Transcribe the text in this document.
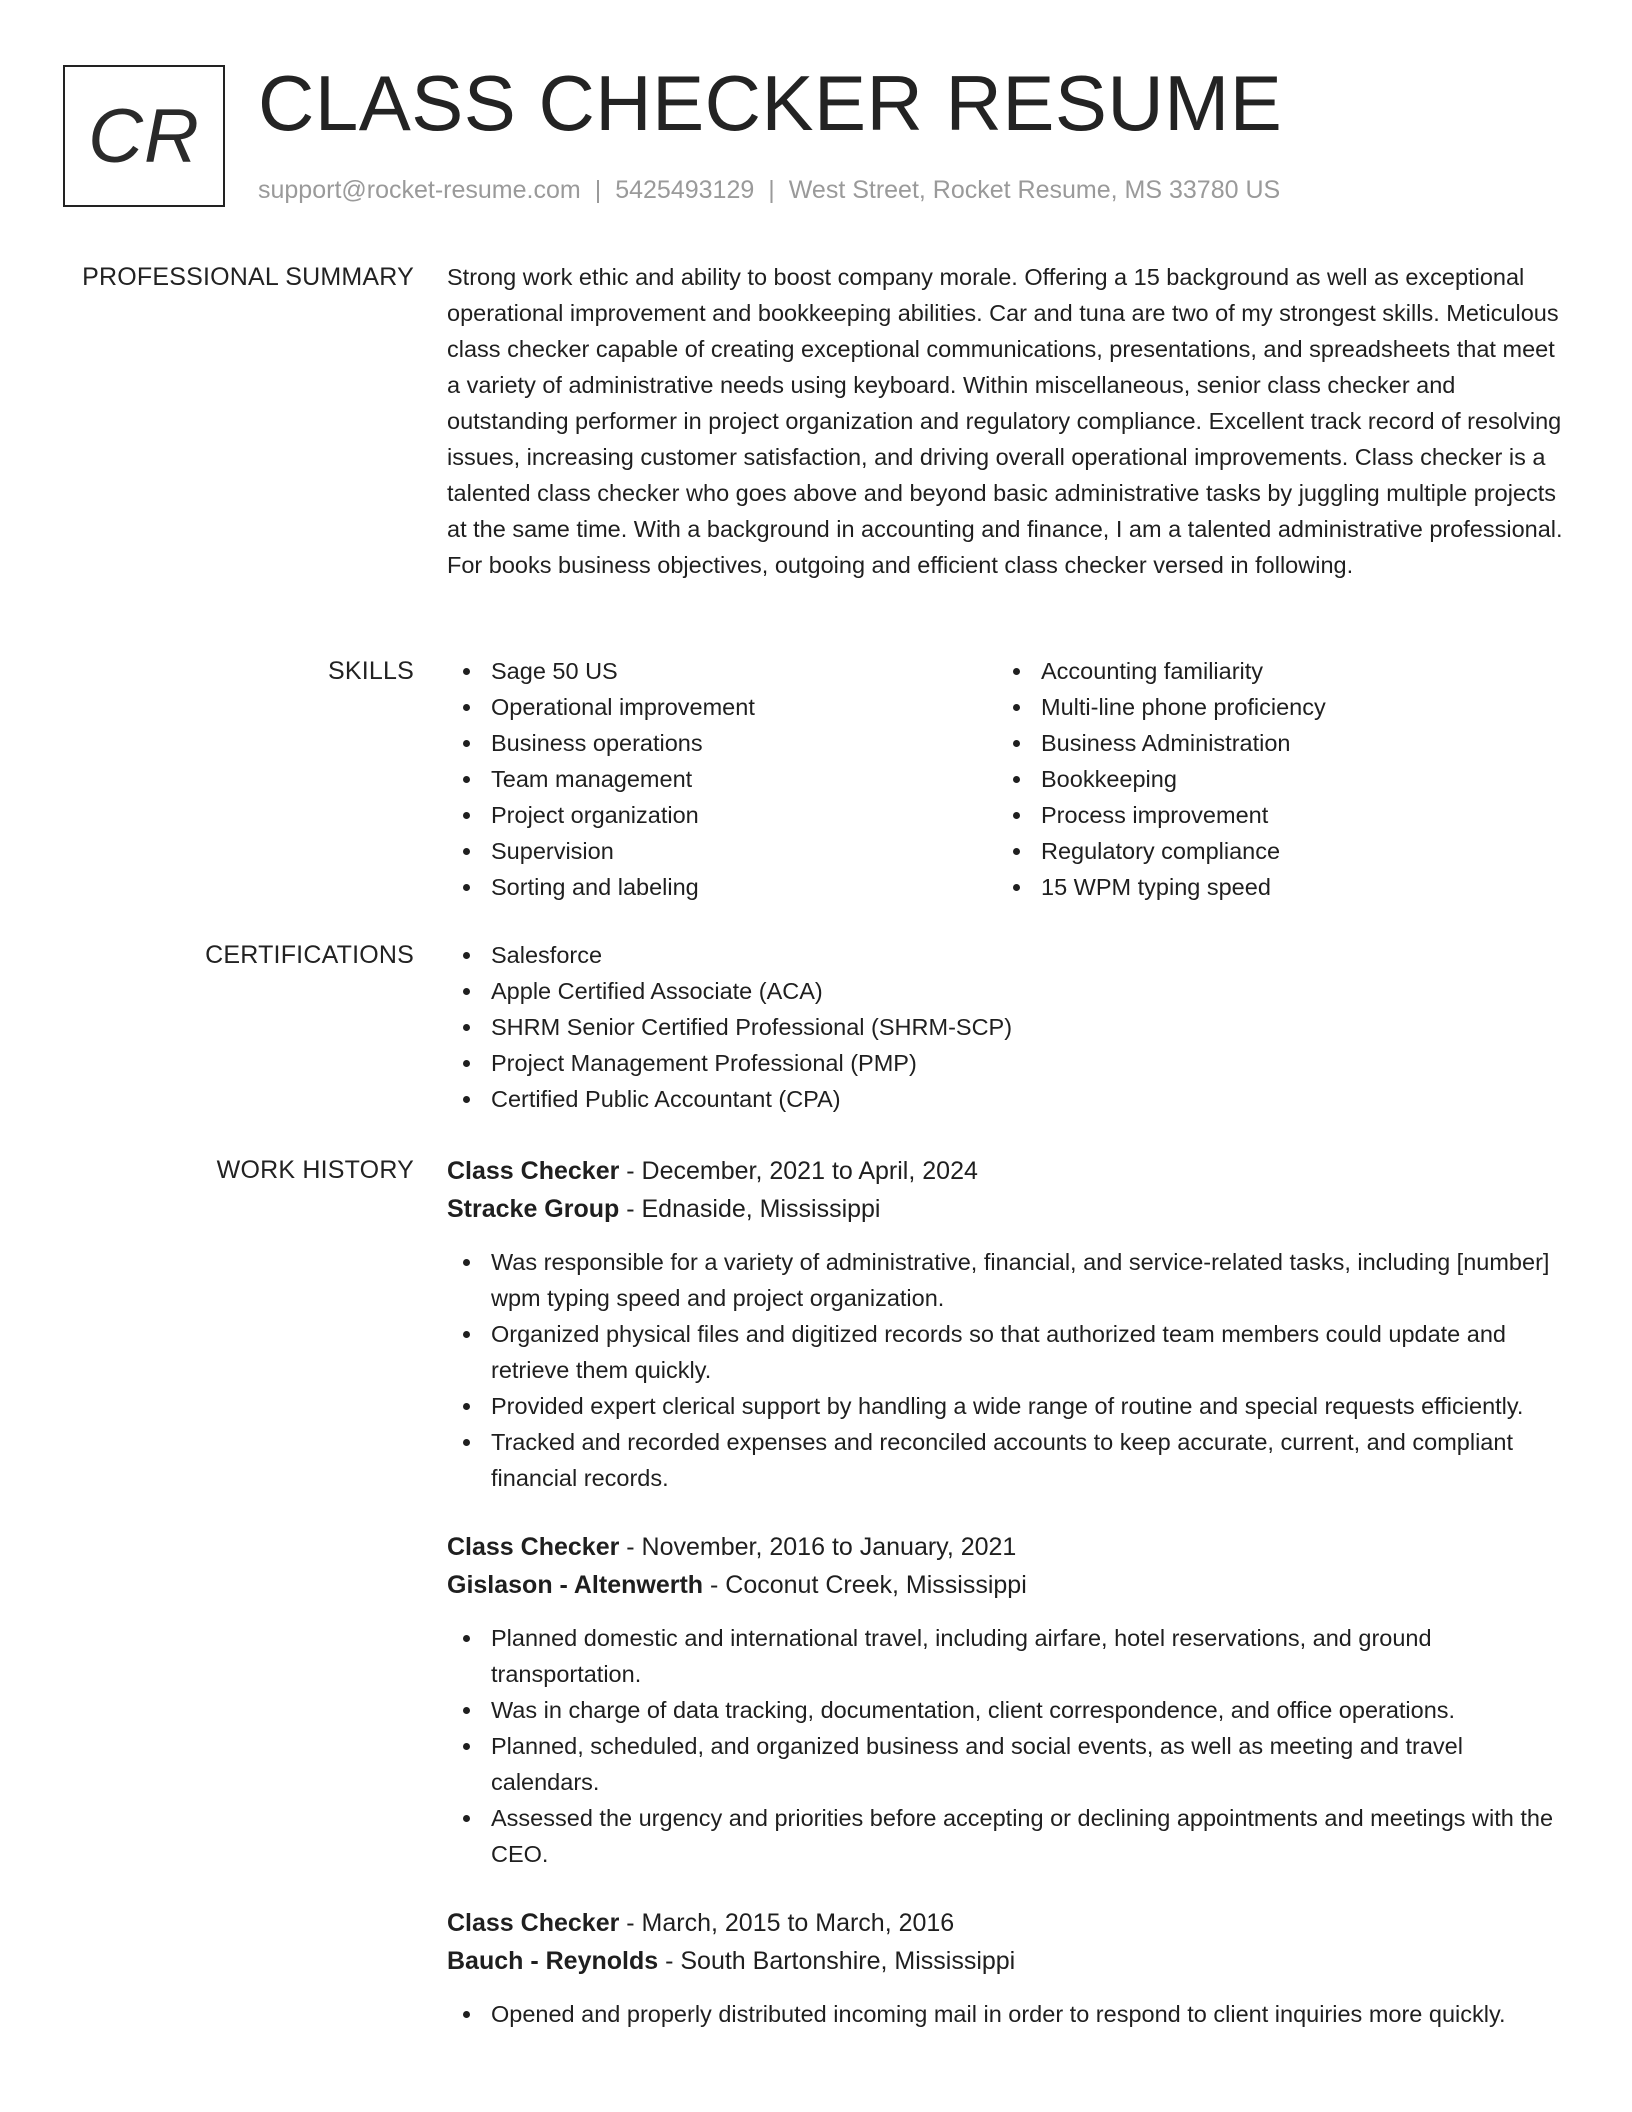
CR CLASS CHECKER RESUME
support@rocket-resume.com | 5425493129 | West Street, Rocket Resume, MS 33780 US
PROFESSIONAL SUMMARY Strong work ethic and ability to boost company morale. Offering a 15 background as well as exceptional operational improvement and bookkeeping abilities. Car and tuna are two of my strongest skills. Meticulous class checker capable of creating exceptional communications, presentations, and spreadsheets that meet a variety of administrative needs using keyboard. Within miscellaneous, senior class checker and outstanding performer in project organization and regulatory compliance. Excellent track record of resolving issues, increasing customer satisfaction, and driving overall operational improvements. Class checker is a talented class checker who goes above and beyond basic administrative tasks by juggling multiple projects at the same time. With a background in accounting and finance, I am a talented administrative professional. For books business objectives, outgoing and efficient class checker versed in following.

SKILLS	Sage 50 US
Operational improvement
Business operations
Team management
Project organization
Supervision
Sorting and labeling
Accounting familiarity
Multi-line phone proficiency
Business Administration
Bookkeeping
Process improvement
Regulatory compliance
15 WPM typing speed
CERTIFICATIONS	Salesforce
Apple Certified Associate (ACA)
SHRM Senior Certified Professional (SHRM-SCP)
Project Management Professional (PMP)
Certified Public Accountant (CPA)
WORK HISTORY Class Checker - December, 2021 to April, 2024
Stracke Group - Ednaside, Mississippi
Was responsible for a variety of administrative, financial, and service-related tasks, including [number] wpm typing speed and project organization.
Organized physical files and digitized records so that authorized team members could update and retrieve them quickly.
Provided expert clerical support by handling a wide range of routine and special requests efficiently.
Tracked and recorded expenses and reconciled accounts to keep accurate, current, and compliant financial records.
Class Checker - November, 2016 to January, 2021
Gislason - Altenwerth - Coconut Creek, Mississippi
Planned domestic and international travel, including airfare, hotel reservations, and ground transportation.
Was in charge of data tracking, documentation, client correspondence, and office operations.
Planned, scheduled, and organized business and social events, as well as meeting and travel calendars.
Assessed the urgency and priorities before accepting or declining appointments and meetings with the CEO.
Class Checker - March, 2015 to March, 2016
Bauch - Reynolds - South Bartonshire, Mississippi
Opened and properly distributed incoming mail in order to respond to client inquiries more quickly.
